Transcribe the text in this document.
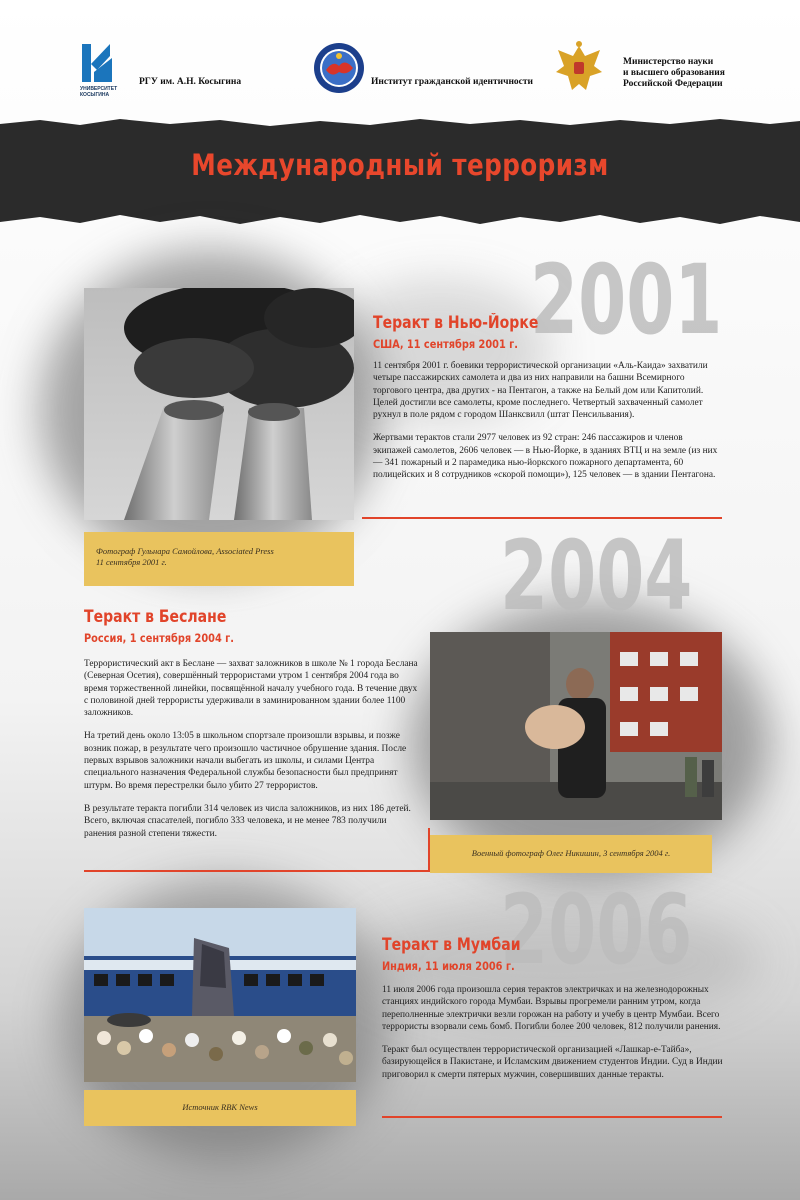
УНИВЕРСИТЕТ КОСЫГИНА
РГУ им. А.Н. Косыгина	Институт гражданской идентичности
Министерство науки
и высшего образования
Российской Федерации
Международный терроризм
2001
2004
2006
Фотограф Гульнара Самойлова, Associated Press
11 сентября 2001 г.
Теракт в Нью-Йорке
США, 11 сентября 2001 г.

11 сентября 2001 г. боевики террористической организации «Аль-Каида» захватили четыре пассажирских самолета и два из них направили на башни Всемирного торгового центра, два других - на Пентагон, а также на Белый дом или Капитолий. Целей достигли все самолеты, кроме последнего. Четвертый захваченный самолет рухнул в поле рядом с городом Шанксвилл (штат Пенсильвания).

Жертвами терактов стали 2977 человек из 92 стран: 246 пассажиров и членов экипажей самолетов, 2606 человек — в Нью-Йорке, в зданиях ВТЦ и на земле (из них — 341 пожарный и 2 парамедика нью-йоркского пожарного департамента, 60 полицейских и 8 сотрудников «скорой помощи»), 125 человек — в здании Пентагона.

Теракт в Беслане
Россия, 1 сентября 2004 г.

Террористический акт в Беслане — захват заложников в школе № 1 города Беслана (Северная Осетия), совершённый террористами утром 1 сентября 2004 года во время торжественной линейки, посвящённой началу учебного года. В течение двух с половиной дней террористы удерживали в заминированном здании более 1100 заложников.

На третий день около 13:05 в школьном спортзале произошли взрывы, и позже возник пожар, в результате чего произошло частичное обрушение здания. После первых взрывов заложники начали выбегать из школы, и силами Центра специального назначения Федеральной службы безопасности был предпринят штурм. Во время перестрелки было убито 27 террористов.

В результате теракта погибли 314 человек из числа заложников, из них 186 детей. Всего, включая спасателей, погибло 333 человека, и не менее 783 получили ранения разной степени тяжести.

Военный фотограф Олег Никишин, 3 сентября 2004 г.
Источник RBK News
Теракт в Мумбаи
Индия, 11 июля 2006 г.

11 июля 2006 года произошла серия терактов электричках и на железнодорожных станциях индийского города Мумбаи. Взрывы прогремели ранним утром, когда переполненные электрички везли горожан на работу и учебу в центр Мумбаи. Всего террористы взорвали семь бомб. Погибли более 200 человек, 812 получили ранения.

Теракт был осуществлен террористической организацией «Лашкар-е-Тайба», базирующейся в Пакистане, и Исламским движением студентов Индии. Суд в Индии приговорил к смерти пятерых мужчин, совершивших данные теракты.
